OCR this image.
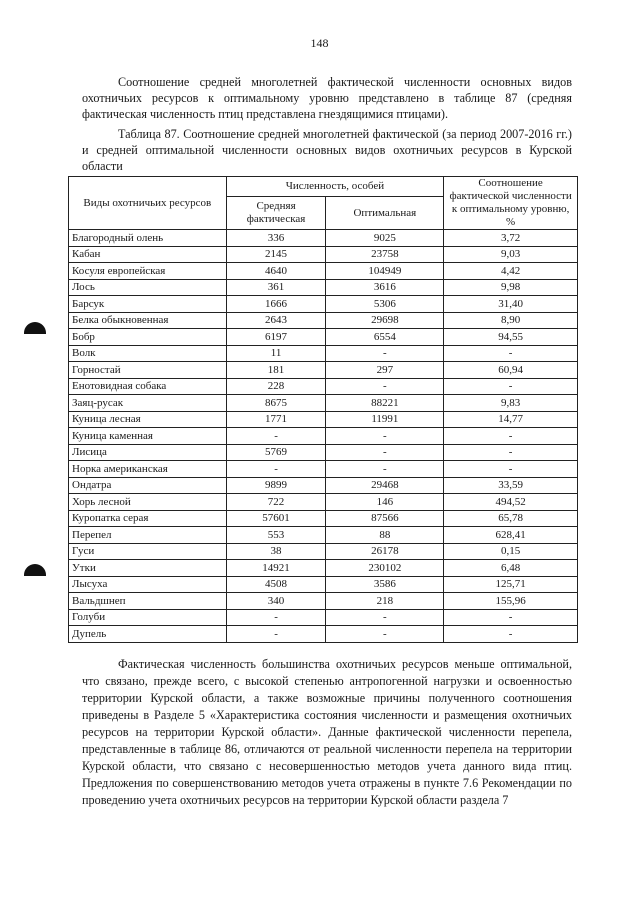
148
Соотношение средней многолетней фактической численности основных видов охотничьих ресурсов к оптимальному уровню представлено в таблице 87 (средняя фактическая численность птиц представлена гнездящимися птицами).
Таблица 87. Соотношение средней многолетней фактической (за период 2007-2016 гг.) и средней оптимальной численности основных видов охотничьих ресурсов в Курской области
Виды охотничьих ресурсов	Численность, особей		Соотношение фактической численности к оптимальному уровню, %
	Средняя фактическая	Оптимальная	
Благородный олень	336	9025	3,72
Кабан	2145	23758	9,03
Косуля европейская	4640	104949	4,42
Лось	361	3616	9,98
Барсук	1666	5306	31,40
Белка обыкновенная	2643	29698	8,90
Бобр	6197	6554	94,55
Волк	11	-	-
Горностай	181	297	60,94
Енотовидная собака	228	-	-
Заяц-русак	8675	88221	9,83
Куница лесная	1771	11991	14,77
Куница каменная	-	-	-
Лисица	5769	-	-
Норка американская	-	-	-
Ондатра	9899	29468	33,59
Хорь лесной	722	146	494,52
Куропатка серая	57601	87566	65,78
Перепел	553	88	628,41
Гуси	38	26178	0,15
Утки	14921	230102	6,48
Лысуха	4508	3586	125,71
Вальдшнеп	340	218	155,96
Голуби	-	-	-
Дупель	-	-	-
Фактическая численность большинства охотничьих ресурсов меньше оптимальной, что связано, прежде всего, с высокой степенью антропогенной нагрузки и освоенностью территории Курской области, а также возможные причины полученного соотношения приведены в Разделе 5 «Характеристика состояния численности и размещения охотничьих ресурсов на территории Курской области». Данные фактической численности перепела, представленные в таблице 86, отличаются от реальной численности перепела на территории Курской области, что связано с несовершенностью методов учета данного вида птиц. Предложения по совершенствованию методов учета отражены в пункте 7.6 Рекомендации по проведению учета охотничьих ресурсов на территории Курской области раздела 7
